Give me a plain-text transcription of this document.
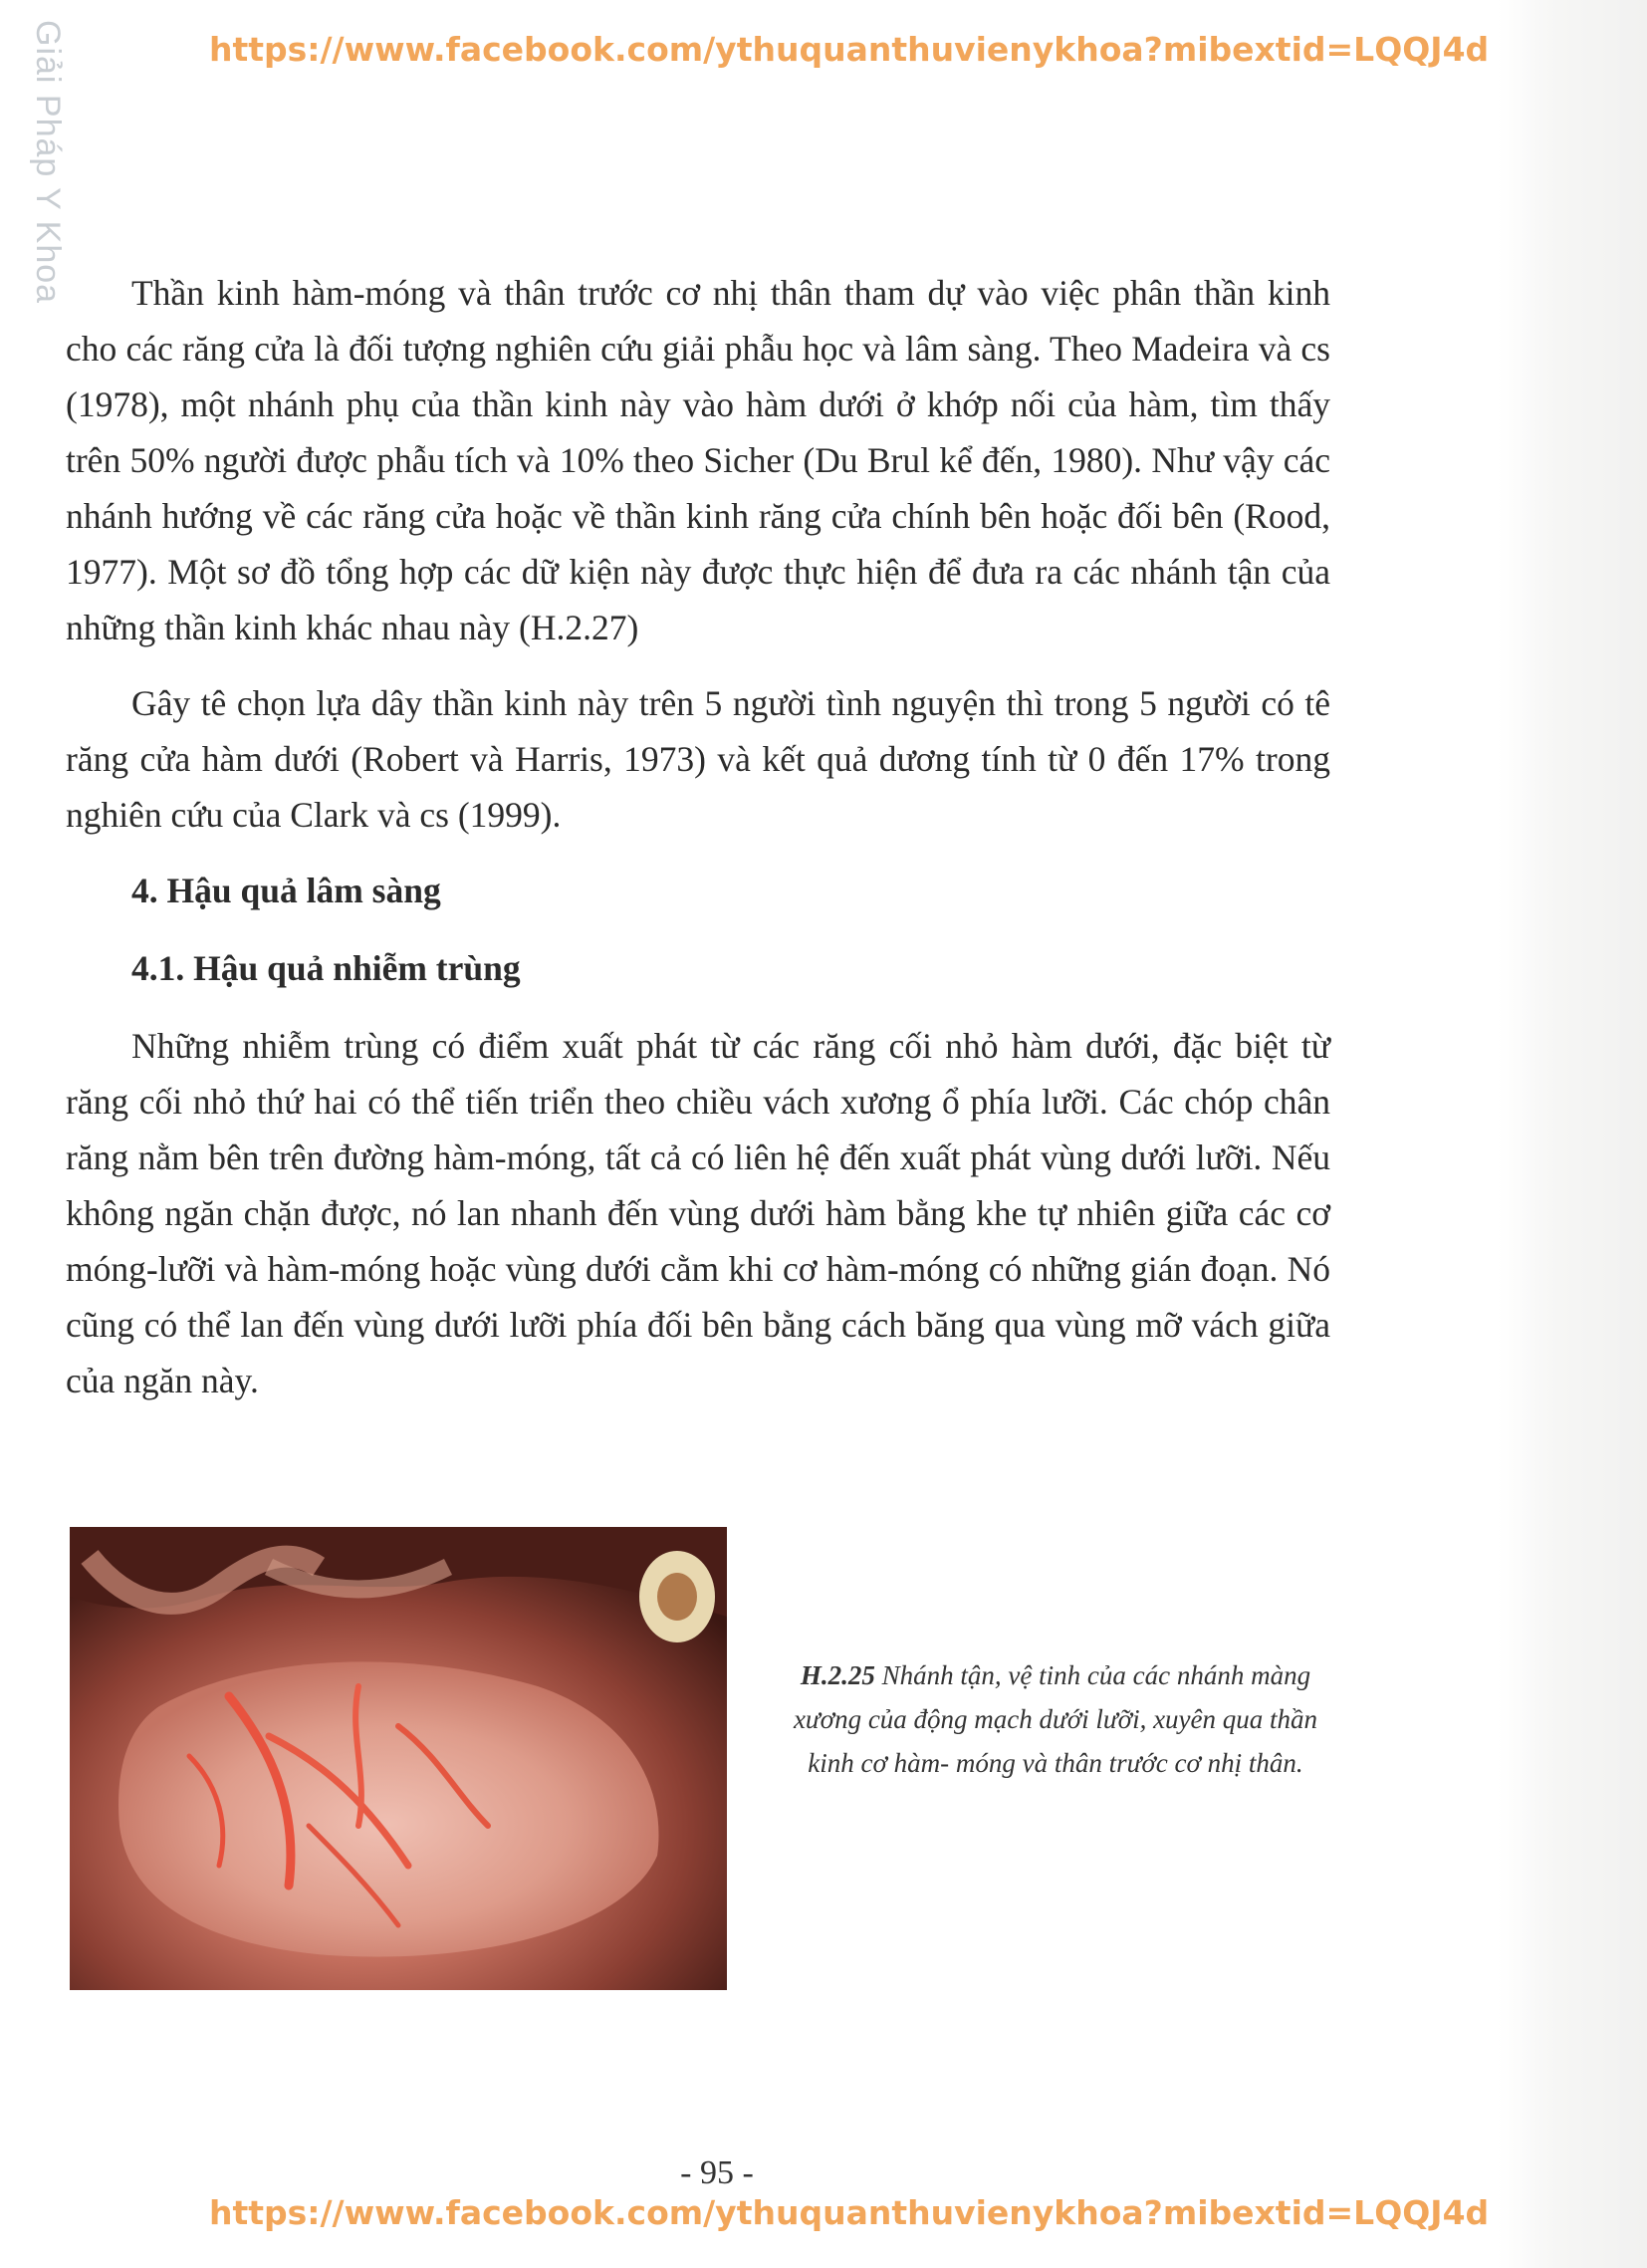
Giải Pháp Y Khoa	https://www.facebook.com/ythuquanthuvienykhoa?mibextid=LQQJ4d

Thần kinh hàm-móng và thân trước cơ nhị thân tham dự vào việc phân thần kinh cho các răng cửa là đối tượng nghiên cứu giải phẫu học và lâm sàng. Theo Madeira và cs (1978), một nhánh phụ của thần kinh này vào hàm dưới ở khớp nối của hàm, tìm thấy trên 50% người được phẫu tích và 10% theo Sicher (Du Brul kể đến, 1980). Như vậy các nhánh hướng về các răng cửa hoặc về thần kinh răng cửa chính bên hoặc đối bên (Rood, 1977). Một sơ đồ tổng hợp các dữ kiện này được thực hiện để đưa ra các nhánh tận của những thần kinh khác nhau này (H.2.27)

Gây tê chọn lựa dây thần kinh này trên 5 người tình nguyện thì trong 5 người có tê răng cửa hàm dưới (Robert và Harris, 1973) và kết quả dương tính từ 0 đến 17% trong nghiên cứu của Clark và cs (1999).

4. Hậu quả lâm sàng
4.1. Hậu quả nhiễm trùng

Những nhiễm trùng có điểm xuất phát từ các răng cối nhỏ hàm dưới, đặc biệt từ răng cối nhỏ thứ hai có thể tiến triển theo chiều vách xương ổ phía lưỡi. Các chóp chân răng nằm bên trên đường hàm-móng, tất cả có liên hệ đến xuất phát vùng dưới lưỡi. Nếu không ngăn chặn được, nó lan nhanh đến vùng dưới hàm bằng khe tự nhiên giữa các cơ móng-lưỡi và hàm-móng hoặc vùng dưới cằm khi cơ hàm-móng có những gián đoạn. Nó cũng có thể lan đến vùng dưới lưỡi phía đối bên bằng cách băng qua vùng mỡ vách giữa của ngăn này.

H.2.25 Nhánh tận, vệ tinh của các nhánh màng xương của động mạch dưới lưỡi, xuyên qua thần kinh cơ hàm- móng và thân trước cơ nhị thân.
- 95 -
https://www.facebook.com/ythuquanthuvienykhoa?mibextid=LQQJ4d
